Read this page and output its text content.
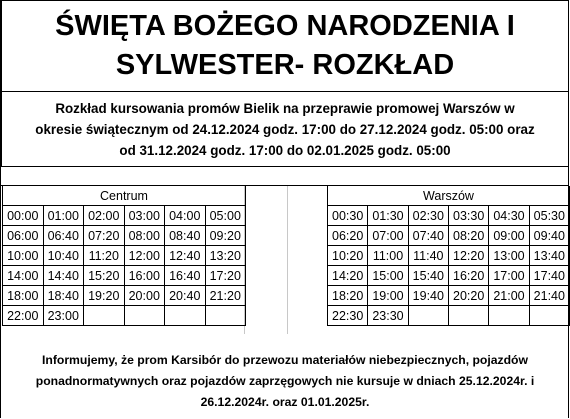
ŚWIĘTA BOŻEGO NARODZENIA I
SYLWESTER- ROZKŁAD
Rozkład kursowania promów Bielik na przeprawie promowej Warszów w
okresie świątecznym od 24.12.2024 godz. 17:00 do 27.12.2024 godz. 05:00 oraz
od 31.12.2024 godz. 17:00 do 02.01.2025 godz. 05:00
Centrum
00:00	01:00	02:00	03:00	04:00	05:00
06:00	06:40	07:20	08:00	08:40	09:20
10:00	10:40	11:20	12:00	12:40	13:20
14:00	14:40	15:20	16:00	16:40	17:20
18:00	18:40	19:20	20:00	20:40	21:20
22:00	23:00				
Warszów
00:30	01:30	02:30	03:30	04:30	05:30
06:20	07:00	07:40	08:20	09:00	09:40
10:20	11:00	11:40	12:20	13:00	13:40
14:20	15:00	15:40	16:20	17:00	17:40
18:20	19:00	19:40	20:20	21:00	21:40
22:30	23:30				
Informujemy, że prom Karsibór do przewozu materiałów niebezpiecznych, pojazdów
ponadnormatywnych oraz pojazdów zaprzęgowych nie kursuje w dniach 25.12.2024r. i
26.12.2024r. oraz 01.01.2025r.
